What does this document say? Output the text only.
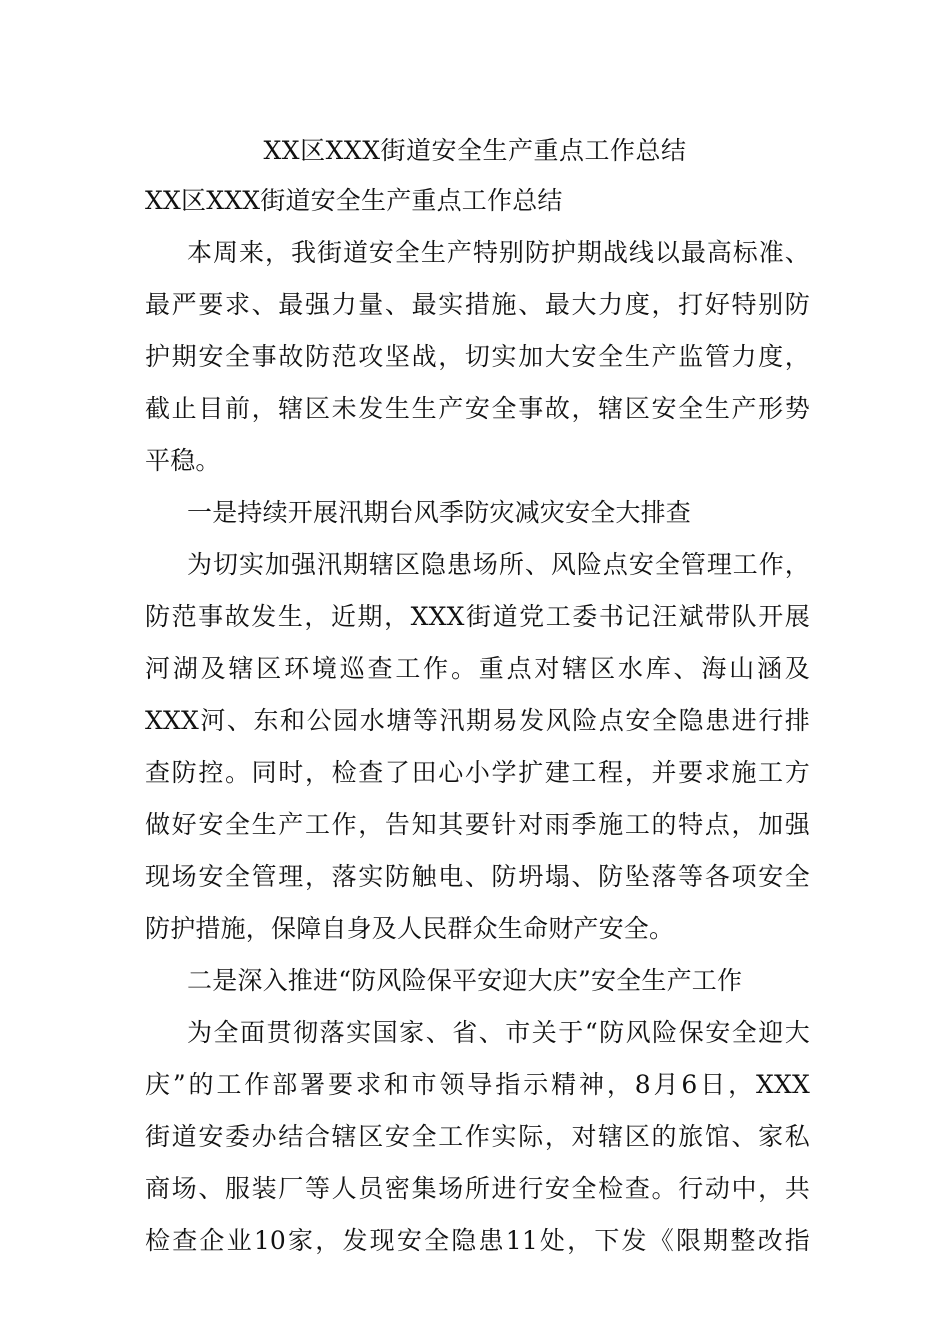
XX区XXX街道安全生产重点工作总结
XX区XXX街道安全生产重点工作总结
本周来，我街道安全生产特别防护期战线以最高标准、
最严要求、最强力量、最实措施、最大力度，打好特别防
护期安全事故防范攻坚战，切实加大安全生产监管力度，
截止目前，辖区未发生生产安全事故，辖区安全生产形势
平稳。
一是持续开展汛期台风季防灾减灾安全大排查
为切实加强汛期辖区隐患场所、风险点安全管理工作，
防范事故发生，近期，XXX街道党工委书记汪斌带队开展
河湖及辖区环境巡查工作。重点对辖区水库、海山涵及
XXX河、东和公园水塘等汛期易发风险点安全隐患进行排
查防控。同时，检查了田心小学扩建工程，并要求施工方
做好安全生产工作，告知其要针对雨季施工的特点，加强
现场安全管理，落实防触电、防坍塌、防坠落等各项安全
防护措施，保障自身及人民群众生命财产安全。
二是深入推进“防风险保平安迎大庆”安全生产工作
为全面贯彻落实国家、省、市关于“防风险保安全迎大
庆”的工作部署要求和市领导指示精神，8月6日，XXX
街道安委办结合辖区安全工作实际，对辖区的旅馆、家私
商场、服装厂等人员密集场所进行安全检查。行动中，共
检查企业10家，发现安全隐患11处，下发《限期整改指
